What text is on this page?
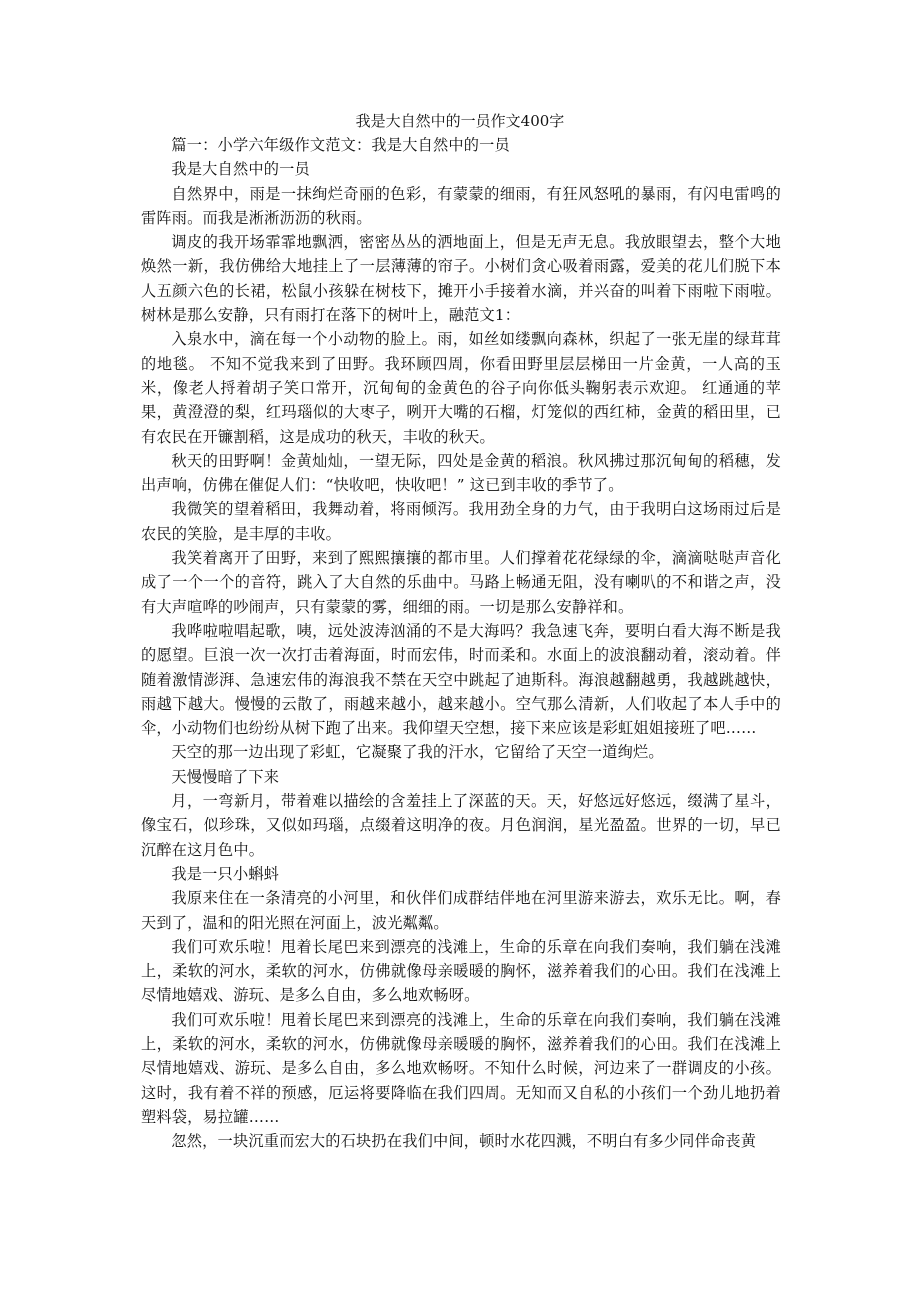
我是大自然中的一员作文400字

篇一：小学六年级作文范文：我是大自然中的一员

我是大自然中的一员

自然界中，雨是一抹绚烂奇丽的色彩，有蒙蒙的细雨，有狂风怒吼的暴雨，有闪电雷鸣的雷阵雨。而我是淅淅沥沥的秋雨。

调皮的我开场霏霏地飘洒，密密丛丛的洒地面上，但是无声无息。我放眼望去，整个大地焕然一新，我仿佛给大地挂上了一层薄薄的帘子。小树们贪心吸着雨露，爱美的花儿们脱下本人五颜六色的长裙，松鼠小孩躲在树枝下，摊开小手接着水滴，并兴奋的叫着下雨啦下雨啦。树林是那么安静，只有雨打在落下的树叶上，融范文1：

入泉水中，滴在每一个小动物的脸上。雨，如丝如缕飘向森林，织起了一张无崖的绿茸茸的地毯。 不知不觉我来到了田野。我环顾四周，你看田野里层层梯田一片金黄，一人高的玉米，像老人捋着胡子笑口常开，沉甸甸的金黄色的谷子向你低头鞠躬表示欢迎。 红通通的苹果，黄澄澄的梨，红玛瑙似的大枣子，咧开大嘴的石榴，灯笼似的西红柿，金黄的稻田里，已有农民在开镰割稻，这是成功的秋天，丰收的秋天。

秋天的田野啊！金黄灿灿，一望无际，四处是金黄的稻浪。秋风拂过那沉甸甸的稻穗，发出声响，仿佛在催促人们：“快收吧，快收吧！” 这已到丰收的季节了。

我微笑的望着稻田，我舞动着，将雨倾泻。我用劲全身的力气，由于我明白这场雨过后是农民的笑脸，是丰厚的丰收。

我笑着离开了田野，来到了熙熙攘攘的都市里。人们撑着花花绿绿的伞，滴滴哒哒声音化成了一个一个的音符，跳入了大自然的乐曲中。马路上畅通无阻，没有喇叭的不和谐之声，没有大声喧哗的吵闹声，只有蒙蒙的雾，细细的雨。一切是那么安静祥和。

我哗啦啦唱起歌，咦，远处波涛汹涌的不是大海吗？我急速飞奔，要明白看大海不断是我的愿望。巨浪一次一次打击着海面，时而宏伟，时而柔和。水面上的波浪翻动着，滚动着。伴随着激情澎湃、急速宏伟的海浪我不禁在天空中跳起了迪斯科。海浪越翻越勇，我越跳越快，雨越下越大。慢慢的云散了，雨越来越小，越来越小。空气那么清新，人们收起了本人手中的伞，小动物们也纷纷从树下跑了出来。我仰望天空想，接下来应该是彩虹姐姐接班了吧……

天空的那一边出现了彩虹，它凝聚了我的汗水，它留给了天空一道绚烂。

天慢慢暗了下来

月，一弯新月，带着难以描绘的含羞挂上了深蓝的天。天，好悠远好悠远，缀满了星斗，像宝石，似珍珠，又似如玛瑙，点缀着这明净的夜。月色润润，星光盈盈。世界的一切，早已沉醉在这月色中。

我是一只小蝌蚪

我原来住在一条清亮的小河里，和伙伴们成群结伴地在河里游来游去，欢乐无比。啊，春天到了，温和的阳光照在河面上，波光粼粼。

我们可欢乐啦！甩着长尾巴来到漂亮的浅滩上，生命的乐章在向我们奏响，我们躺在浅滩上，柔软的河水，柔软的河水，仿佛就像母亲暖暖的胸怀，滋养着我们的心田。我们在浅滩上尽情地嬉戏、游玩、是多么自由，多么地欢畅呀。

我们可欢乐啦！甩着长尾巴来到漂亮的浅滩上，生命的乐章在向我们奏响，我们躺在浅滩上，柔软的河水，柔软的河水，仿佛就像母亲暖暖的胸怀，滋养着我们的心田。我们在浅滩上尽情地嬉戏、游玩、是多么自由，多么地欢畅呀。不知什么时候，河边来了一群调皮的小孩。这时，我有着不祥的预感，厄运将要降临在我们四周。无知而又自私的小孩们一个劲儿地扔着塑料袋，易拉罐……

忽然，一块沉重而宏大的石块扔在我们中间，顿时水花四溅，不明白有多少同伴命丧黄
